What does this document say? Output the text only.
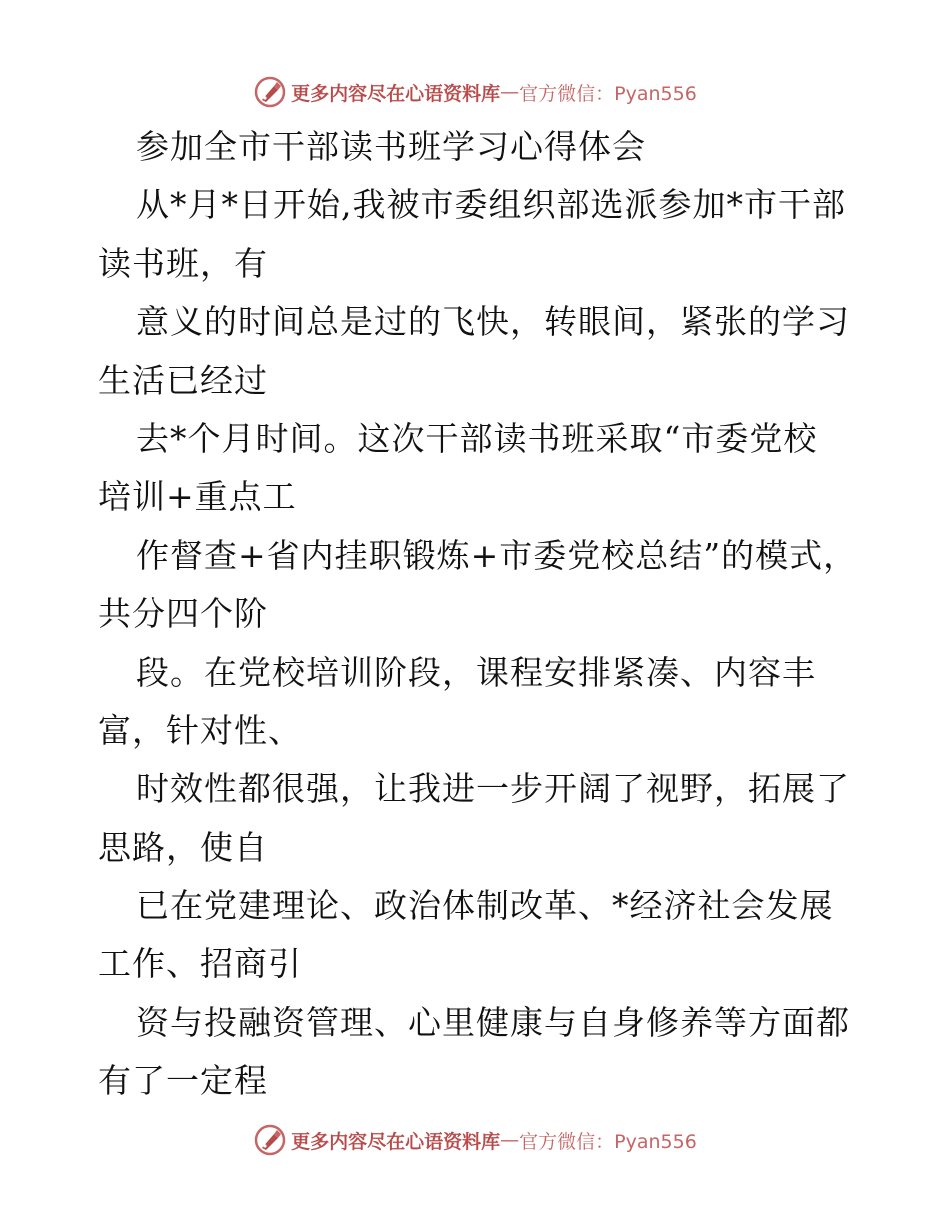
更多内容尽在心语资料库 — 官方微信：Pyan556
参加全市干部读书班学习心得体会
从*月*日开始,我被市委组织部选派参加*市干部
读书班，有
意义的时间总是过的飞快，转眼间，紧张的学习
生活已经过
去*个月时间。这次干部读书班采取“市委党校
培训+重点工
作督查+省内挂职锻炼+市委党校总结”的模式，
共分四个阶
段。在党校培训阶段，课程安排紧凑、内容丰
富，针对性、
时效性都很强，让我进一步开阔了视野，拓展了
思路，使自
已在党建理论、政治体制改革、*经济社会发展
工作、招商引
资与投融资管理、心里健康与自身修养等方面都
有了一定程
更多内容尽在心语资料库 — 官方微信：Pyan556
